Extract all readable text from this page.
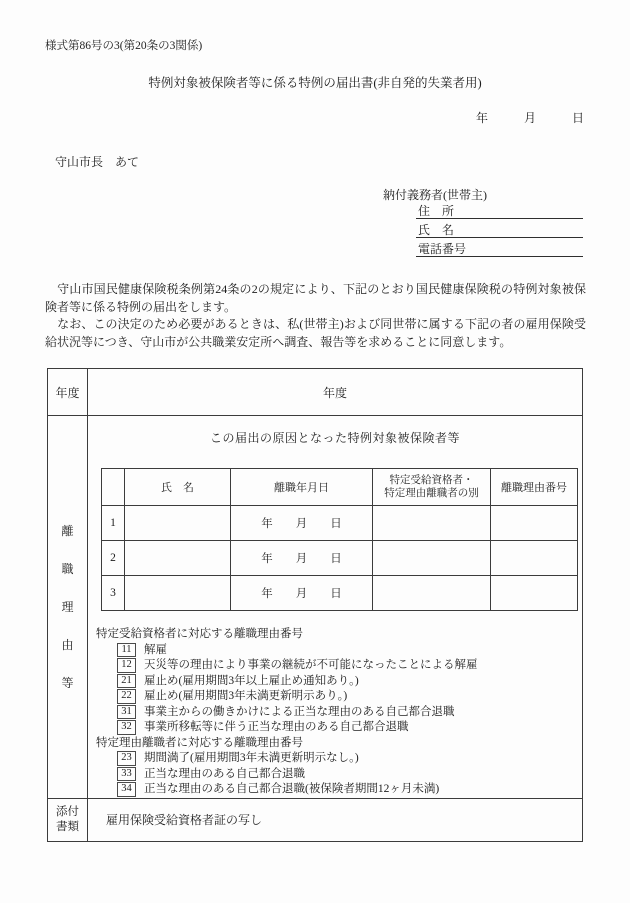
様式第86号の3(第20条の3関係)
特例対象被保険者等に係る特例の届出書(非自発的失業者用)
年　　　月　　　日
守山市長　あて
納付義務者(世帯主)
住　所
氏　名
電話番号

　守山市国民健康保険税条例第24条の2の規定により、下記のとおり国民健康保険税の特例対象被保険者等に係る特例の届出をします。

　なお、この決定のため必要があるときは、私(世帯主)および同世帯に属する下記の者の雇用保険受給状況等につき、守山市が公共職業安定所へ調査、報告等を求めることに同意します。

年度	年度

離
職
理
由
等

この届出の原因となった特例対象被保険者等
	氏　名	離職年月日	特定受給資格者・
特定理由離職者の別	離職理由番号
1		年　　月　　日		
2		年　　月　　日		
3		年　　月　　日		
特定受給資格者に対応する離職理由番号
11 解雇
12 天災等の理由により事業の継続が不可能になったことによる解雇
21 雇止め(雇用期間3年以上雇止め通知あり。)
22 雇止め(雇用期間3年未満更新明示あり。)
31 事業主からの働きかけによる正当な理由のある自己都合退職
32 事業所移転等に伴う正当な理由のある自己都合退職
特定理由離職者に対応する離職理由番号
23 期間満了(雇用期間3年未満更新明示なし。)
33 正当な理由のある自己都合退職
34 正当な理由のある自己都合退職(被保険者期間12ヶ月未満)

添付
書類	雇用保険受給資格者証の写し
